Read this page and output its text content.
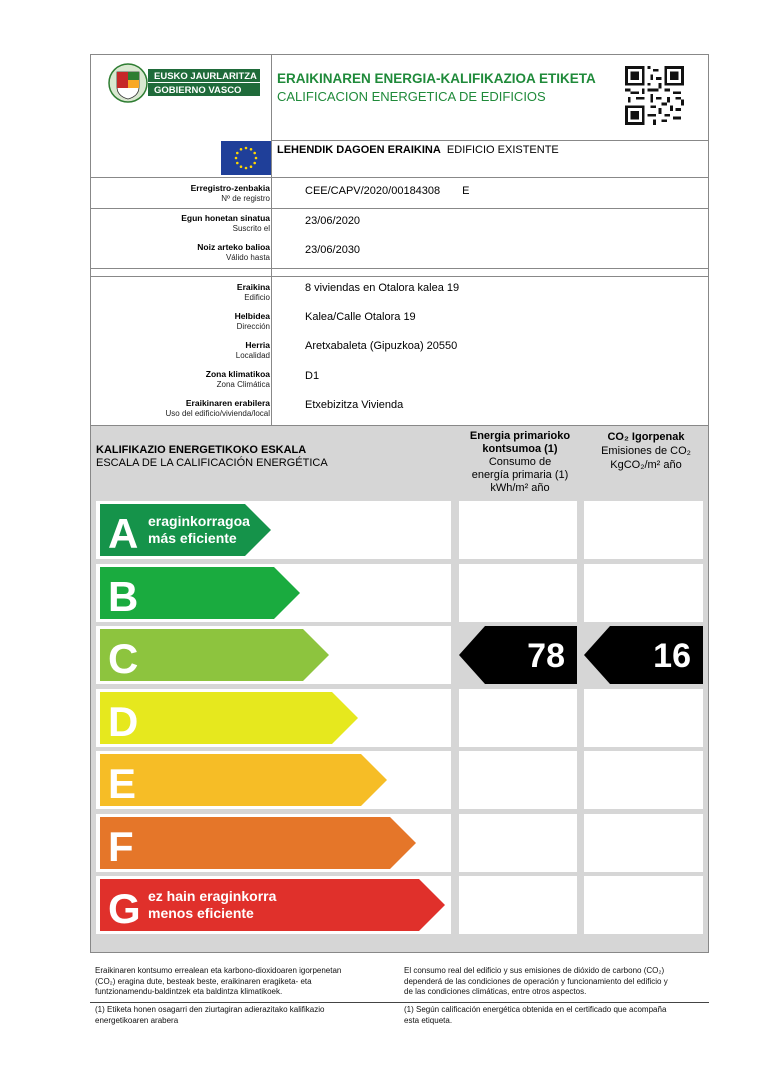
EUSKO JAURLARITZA
GOBIERNO VASCO
ERAIKINAREN ENERGIA-KALIFIKAZIOA ETIKETA
CALIFICACION ENERGETICA DE EDIFICIOS
LEHENDIK DAGOEN ERAIKINA EDIFICIO EXISTENTE
Erregistro-zenbakia
Nº de registro
CEE/CAPV/2020/00184308 E
Egun honetan sinatua
Suscrito el
23/06/2020
Noiz arteko balioa
Válido hasta
23/06/2030
Eraikina
Edificio
8 viviendas en Otalora kalea 19
Helbidea
Dirección
Kalea/Calle Otalora 19
Herria
Localidad
Aretxabaleta (Gipuzkoa) 20550
Zona klimatikoa
Zona Climática
D1
Eraikinaren erabilera
Uso del edificio/vivienda/local
Etxebizitza Vivienda
KALIFIKAZIO ENERGETIKOKO ESKALA
ESCALA DE LA CALIFICACIÓN ENERGÉTICA
Energia primarioko
kontsumoa (1)
Consumo de
energía primaria (1)
kWh/m² año
CO₂ Igorpenak
Emisiones de CO₂
KgCO₂/m² año
A eraginkorragoa
más eficiente
B
C	78	16
D
E
F
G ez hain eraginkorra
menos eficiente
Eraikinaren kontsumo errealean eta karbono-dioxidoaren igorpenetan
(CO₂) eragina dute, besteak beste, eraikinaren eragiketa- eta
funtzionamendu-baldintzek eta baldintza klimatikoek.
El consumo real del edificio y sus emisiones de dióxido de carbono (CO₂)
dependerá de las condiciones de operación y funcionamiento del edificio y
de las condiciones climáticas, entre otros aspectos.
(1) Etiketa honen osagarri den ziurtagiran adierazitako kalifikazio
energetikoaren arabera
(1) Según calificación energética obtenida en el certificado que acompaña
esta etiqueta.
